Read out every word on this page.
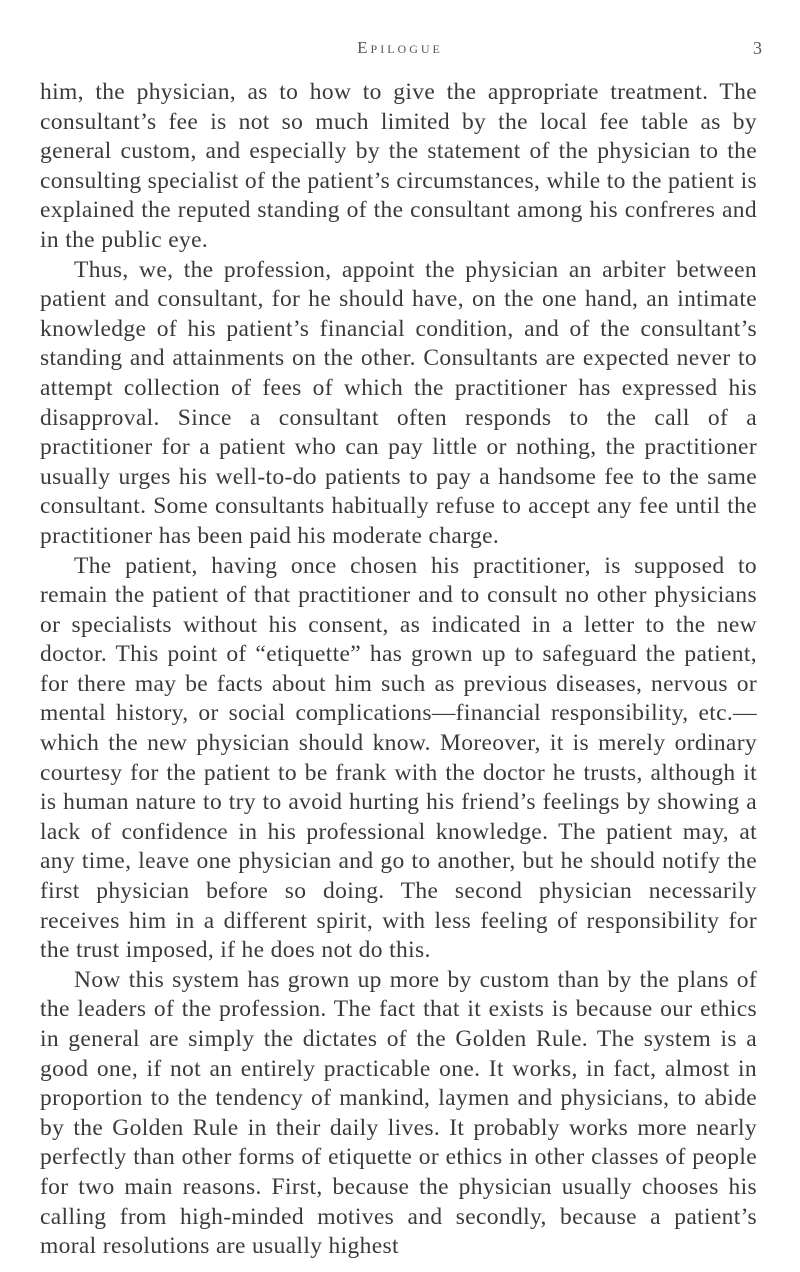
Epilogue	3

him, the physician, as to how to give the appropriate treatment. The consultant’s fee is not so much limited by the local fee table as by general custom, and especially by the statement of the physician to the consulting specialist of the patient’s circumstances, while to the patient is explained the reputed standing of the consultant among his confreres and in the public eye.

Thus, we, the profession, appoint the physician an arbiter between patient and consultant, for he should have, on the one hand, an intimate knowledge of his patient’s financial condition, and of the consultant’s standing and attainments on the other. Consultants are expected never to attempt collection of fees of which the practitioner has expressed his disapproval. Since a consultant often responds to the call of a practitioner for a patient who can pay little or nothing, the practitioner usually urges his well-to-do patients to pay a handsome fee to the same consultant. Some consultants habitually refuse to accept any fee until the practitioner has been paid his moderate charge.

The patient, having once chosen his practitioner, is supposed to remain the patient of that practitioner and to consult no other physicians or specialists without his consent, as indicated in a letter to the new doctor. This point of “etiquette” has grown up to safeguard the patient, for there may be facts about him such as previous diseases, nervous or mental history, or social complications—financial responsibility, etc.—which the new physician should know. Moreover, it is merely ordinary courtesy for the patient to be frank with the doctor he trusts, although it is human nature to try to avoid hurting his friend’s feelings by showing a lack of confidence in his professional knowledge. The patient may, at any time, leave one physician and go to another, but he should notify the first physician before so doing. The second physician necessarily receives him in a different spirit, with less feeling of responsibility for the trust imposed, if he does not do this.

Now this system has grown up more by custom than by the plans of the leaders of the profession. The fact that it exists is because our ethics in general are simply the dictates of the Golden Rule. The system is a good one, if not an entirely practicable one. It works, in fact, almost in proportion to the tendency of mankind, laymen and physicians, to abide by the Golden Rule in their daily lives. It probably works more nearly perfectly than other forms of etiquette or ethics in other classes of people for two main reasons. First, because the physician usually chooses his calling from high-minded motives and secondly, because a patient’s moral resolutions are usually highest
